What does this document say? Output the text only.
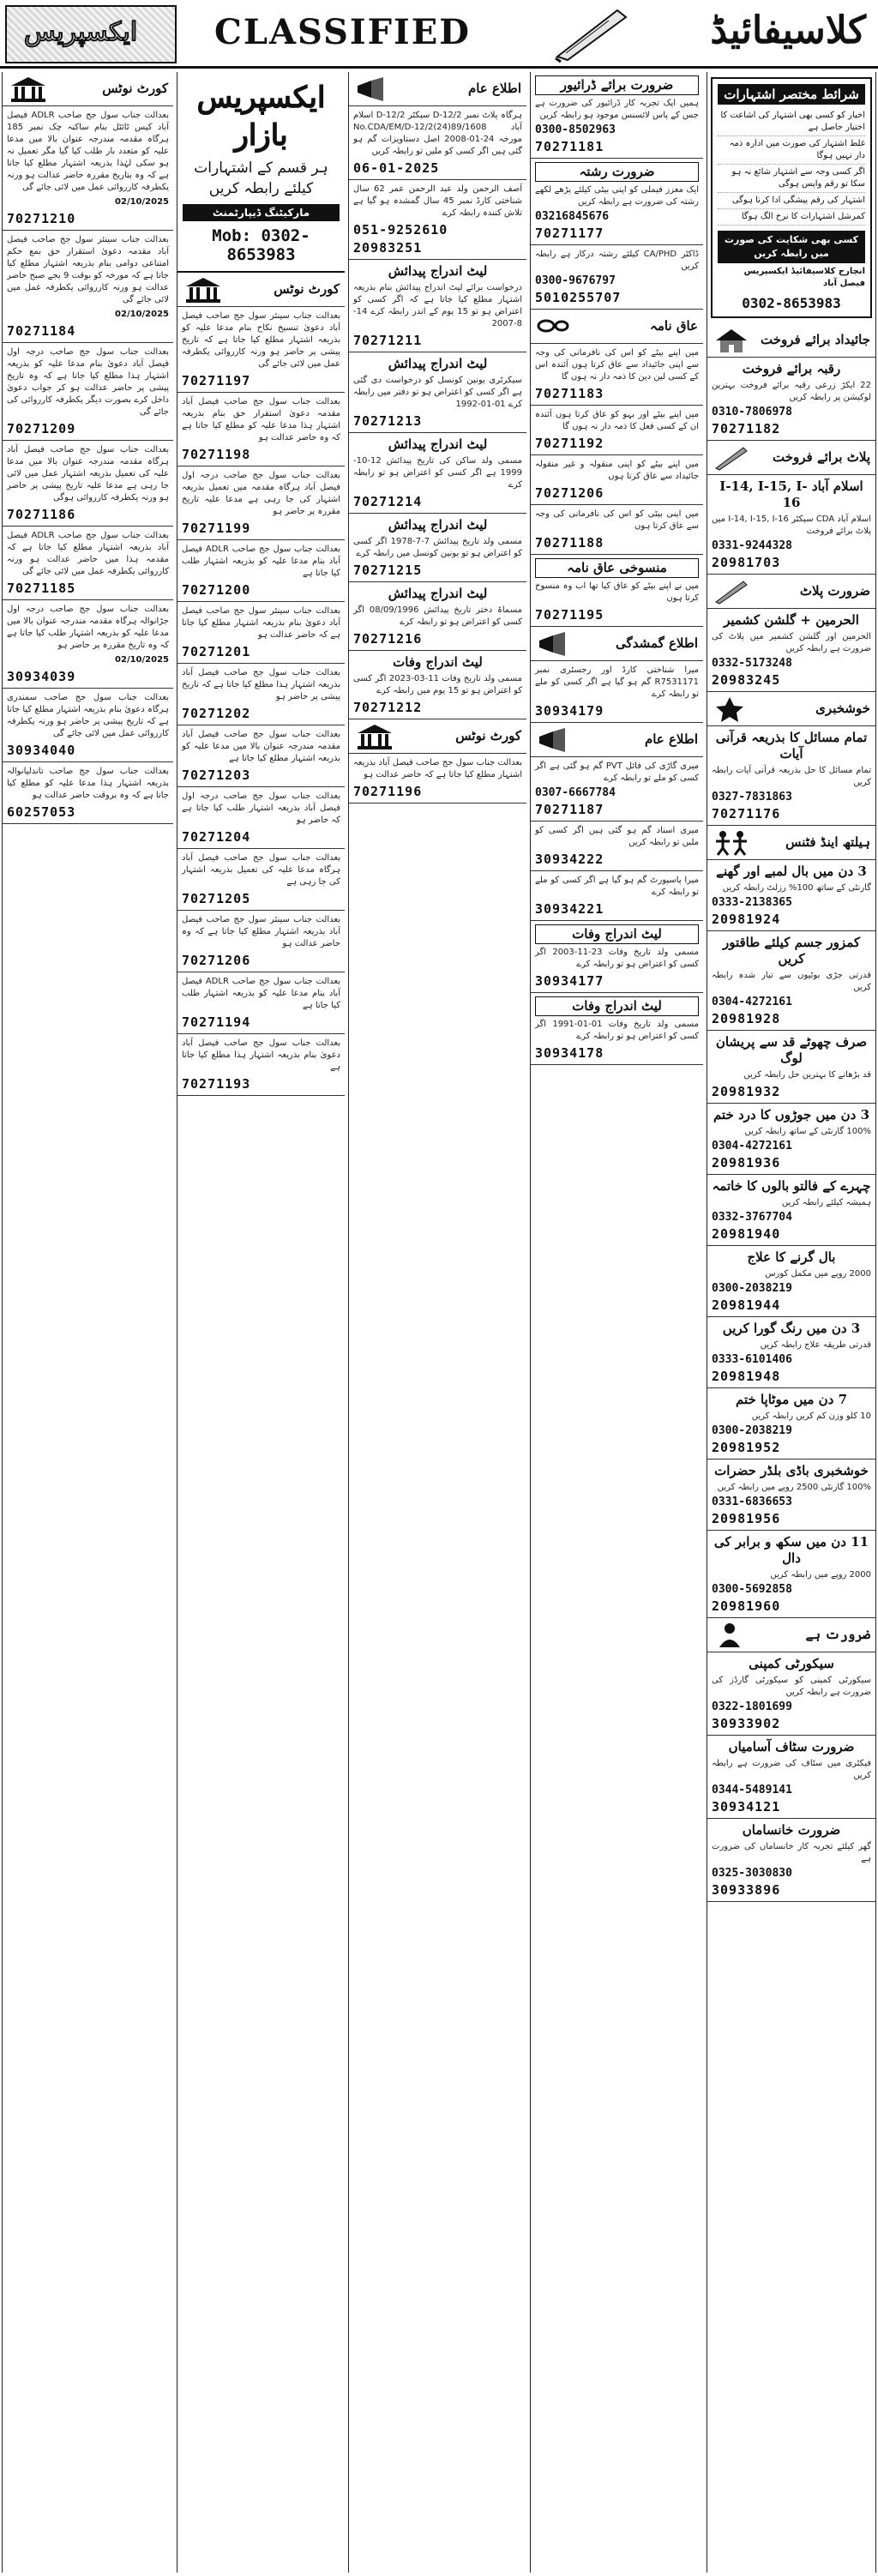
ایکسپریس CLASSIFIED	کلاسیفائیڈ
کورٹ نوٹس
بعدالت جناب سول جج صاحب ADLR فیصل آباد کیس ٹائٹل بنام ساکنہ چک نمبر 185 ہرگاہ مقدمہ مندرجہ عنوان بالا میں مدعا علیہ کو متعدد بار طلب کیا گیا مگر تعمیل نہ ہو سکی لہٰذا بذریعہ اشتہار مطلع کیا جاتا ہے کہ وہ بتاریخ مقررہ حاضر عدالت ہو ورنہ یکطرفہ کارروائی عمل میں لائی جائے گی
02/10/2025
70271210
بعدالت جناب سینئر سول جج صاحب فیصل آباد مقدمہ دعویٰ استقرار حق بمع حکم امتناعی دوامی بنام بذریعہ اشتہار مطلع کیا جاتا ہے کہ مورخہ کو بوقت 9 بجے صبح حاضر عدالت ہو ورنہ کارروائی یکطرفہ عمل میں لائی جائے گی
02/10/2025
70271184
بعدالت جناب سول جج صاحب درجہ اول فیصل آباد دعویٰ بنام مدعا علیہ کو بذریعہ اشتہار ہذا مطلع کیا جاتا ہے کہ وہ تاریخ پیشی پر حاضر عدالت ہو کر جواب دعویٰ داخل کرے بصورت دیگر یکطرفہ کارروائی کی جائے گی
70271209
بعدالت جناب سول جج صاحب فیصل آباد ہرگاہ مقدمہ مندرجہ عنوان بالا میں مدعا علیہ کی تعمیل بذریعہ اشتہار عمل میں لائی جا رہی ہے مدعا علیہ تاریخ پیشی پر حاضر ہو ورنہ یکطرفہ کارروائی ہوگی
70271186
بعدالت جناب سول جج صاحب ADLR فیصل آباد بذریعہ اشتہار مطلع کیا جاتا ہے کہ مقدمہ ہذا میں حاضر عدالت ہو ورنہ کارروائی یکطرفہ عمل میں لائی جائے گی
70271185
بعدالت جناب سول جج صاحب درجہ اول جڑانوالہ ہرگاہ مقدمہ مندرجہ عنوان بالا میں مدعا علیہ کو بذریعہ اشتہار طلب کیا جاتا ہے کہ وہ تاریخ مقررہ پر حاضر ہو
02/10/2025
30934039
بعدالت جناب سول جج صاحب سمندری ہرگاہ دعویٰ بنام بذریعہ اشتہار مطلع کیا جاتا ہے کہ تاریخ پیشی پر حاضر ہو ورنہ یکطرفہ کارروائی عمل میں لائی جائے گی
30934040
بعدالت جناب سول جج صاحب تاندلیانوالہ بذریعہ اشتہار ہذا مدعا علیہ کو مطلع کیا جاتا ہے کہ وہ بروقت حاضر عدالت ہو
60257053
ایکسپریس بازار
ہر قسم کے اشتہارات کیلئے رابطہ کریں
مارکیٹنگ ڈیپارٹمنٹ
Mob: 0302-8653983
کورٹ نوٹس
بعدالت جناب سینئر سول جج صاحب فیصل آباد دعویٰ تنسیخ نکاح بنام مدعا علیہ کو بذریعہ اشتہار مطلع کیا جاتا ہے کہ تاریخ پیشی پر حاضر ہو ورنہ کارروائی یکطرفہ عمل میں لائی جائے گی
70271197
بعدالت جناب سول جج صاحب فیصل آباد مقدمہ دعویٰ استقرار حق بنام بذریعہ اشتہار ہذا مدعا علیہ کو مطلع کیا جاتا ہے کہ وہ حاضر عدالت ہو
70271198
بعدالت جناب سول جج صاحب درجہ اول فیصل آباد ہرگاہ مقدمہ میں تعمیل بذریعہ اشتہار کی جا رہی ہے مدعا علیہ تاریخ مقررہ پر حاضر ہو
70271199
بعدالت جناب سول جج صاحب ADLR فیصل آباد بنام مدعا علیہ کو بذریعہ اشتہار طلب کیا جاتا ہے
70271200
بعدالت جناب سینئر سول جج صاحب فیصل آباد دعویٰ بنام بذریعہ اشتہار مطلع کیا جاتا ہے کہ حاضر عدالت ہو
70271201
بعدالت جناب سول جج صاحب فیصل آباد بذریعہ اشتہار ہذا مطلع کیا جاتا ہے کہ تاریخ پیشی پر حاضر ہو
70271202
بعدالت جناب سول جج صاحب فیصل آباد مقدمہ مندرجہ عنوان بالا میں مدعا علیہ کو بذریعہ اشتہار مطلع کیا جاتا ہے
70271203
بعدالت جناب سول جج صاحب درجہ اول فیصل آباد بذریعہ اشتہار طلب کیا جاتا ہے کہ حاضر ہو
70271204
بعدالت جناب سول جج صاحب فیصل آباد ہرگاہ مدعا علیہ کی تعمیل بذریعہ اشتہار کی جا رہی ہے
70271205
بعدالت جناب سینئر سول جج صاحب فیصل آباد بذریعہ اشتہار مطلع کیا جاتا ہے کہ وہ حاضر عدالت ہو
70271206
بعدالت جناب سول جج صاحب ADLR فیصل آباد بنام مدعا علیہ کو بذریعہ اشتہار طلب کیا جاتا ہے
70271194
بعدالت جناب سول جج صاحب فیصل آباد دعویٰ بنام بذریعہ اشتہار ہذا مطلع کیا جاتا ہے
70271193
اطلاع عام
ہرگاہ پلاٹ نمبر D-12/2 سیکٹر D-12/2 اسلام آباد No.CDA/EM/D-12/2(24)89/1608 مورخہ 24-01-2008 اصل دستاویزات گم ہو گئی ہیں اگر کسی کو ملیں تو رابطہ کریں
06-01-2025
آصف الرحمن ولد عبد الرحمن عمر 62 سال شناختی کارڈ نمبر 45 سال گمشدہ ہو گیا ہے تلاش کنندہ رابطہ کرے
051-9252610
20983251
لیٹ اندراج پیدائش
درخواست برائے لیٹ اندراج پیدائش بنام بذریعہ اشتہار مطلع کیا جاتا ہے کہ اگر کسی کو اعتراض ہو تو 15 یوم کے اندر رابطہ کرے 14-8-2007
70271211
لیٹ اندراج پیدائش
سیکرٹری یونین کونسل کو درخواست دی گئی ہے اگر کسی کو اعتراض ہو تو دفتر میں رابطہ کرے 01-01-1992
70271213
لیٹ اندراج پیدائش
مسمی ولد ساکن کی تاریخ پیدائش 12-10-1999 ہے اگر کسی کو اعتراض ہو تو رابطہ کرے
70271214
لیٹ اندراج پیدائش
مسمی ولد تاریخ پیدائش 7-7-1978 اگر کسی کو اعتراض ہو تو یونین کونسل میں رابطہ کرے
70271215
لیٹ اندراج پیدائش
مسماۃ دختر تاریخ پیدائش 08/09/1996 اگر کسی کو اعتراض ہو تو رابطہ کرے
70271216
لیٹ اندراج وفات
مسمی ولد تاریخ وفات 11-03-2023 اگر کسی کو اعتراض ہو تو 15 یوم میں رابطہ کرے
70271212
کورٹ نوٹس
بعدالت جناب سول جج صاحب فیصل آباد بذریعہ اشتہار مطلع کیا جاتا ہے کہ حاضر عدالت ہو
70271196
ضرورت برائے ڈرائیور
ہمیں ایک تجربہ کار ڈرائیور کی ضرورت ہے جس کے پاس لائسنس موجود ہو رابطہ کریں
0300-8502963
70271181
ضرورت رشتہ
ایک معزز فیملی کو اپنی بیٹی کیلئے پڑھے لکھے رشتہ کی ضرورت ہے رابطہ کریں
03216845676
70271177
ڈاکٹر CA/PHD کیلئے رشتہ درکار ہے رابطہ کریں
0300-9676797
5010255707
عاق نامہ
میں اپنے بیٹے کو اس کی نافرمانی کی وجہ سے اپنی جائیداد سے عاق کرتا ہوں آئندہ اس کے کسی لین دین کا ذمہ دار نہ ہوں گا
70271183
میں اپنے بیٹے اور بہو کو عاق کرتا ہوں آئندہ ان کے کسی فعل کا ذمہ دار نہ ہوں گا
70271192
میں اپنے بیٹے کو اپنی منقولہ و غیر منقولہ جائیداد سے عاق کرتا ہوں
70271206
میں اپنی بیٹی کو اس کی نافرمانی کی وجہ سے عاق کرتا ہوں
70271188
منسوخی عاق نامہ
میں نے اپنے بیٹے کو عاق کیا تھا اب وہ منسوخ کرتا ہوں
70271195
اطلاع گمشدگی
میرا شناختی کارڈ اور رجسٹری نمبر R7531171 گم ہو گیا ہے اگر کسی کو ملے تو رابطہ کرے
30934179
اطلاع عام
میری گاڑی کی فائل PVT گم ہو گئی ہے اگر کسی کو ملے تو رابطہ کرے
0307-6667784
70271187
میری اسناد گم ہو گئی ہیں اگر کسی کو ملیں تو رابطہ کریں
30934222
میرا پاسپورٹ گم ہو گیا ہے اگر کسی کو ملے تو رابطہ کرے
30934221
لیٹ اندراج وفات
مسمی ولد تاریخ وفات 23-11-2003 اگر کسی کو اعتراض ہو تو رابطہ کرے
30934177
لیٹ اندراج وفات
مسمی ولد تاریخ وفات 01-01-1991 اگر کسی کو اعتراض ہو تو رابطہ کرے
30934178
شرائط مختصر اشتہارات
اخبار کو کسی بھی اشتہار کی اشاعت کا اختیار حاصل ہے
غلط اشتہار کی صورت میں ادارہ ذمہ دار نہیں ہوگا
اگر کسی وجہ سے اشتہار شائع نہ ہو سکا تو رقم واپس ہوگی
اشتہار کی رقم پیشگی ادا کرنا ہوگی
کمرشل اشتہارات کا نرخ الگ ہوگا
کسی بھی شکایت کی صورت میں رابطہ کریں
انچارج کلاسیفائیڈ ایکسپریس فیصل آباد
0302-8653983
جائیداد برائے فروخت
رقبہ برائے فروخت
22 ایکڑ زرعی رقبہ برائے فروخت بہترین لوکیشن پر رابطہ کریں
0310-7806978
70271182
پلاٹ برائے فروخت
اسلام آباد I-14, I-15, I-16
اسلام آباد CDA سیکٹر I-14, I-15, I-16 میں پلاٹ برائے فروخت
0331-9244328
20981703
ضرورت پلاٹ
الحرمین + گلشن کشمیر
الحرمین اور گلشن کشمیر میں پلاٹ کی ضرورت ہے رابطہ کریں
0332-5173248
20983245
خوشخبری
تمام مسائل کا بذریعہ قرآنی آیات
تمام مسائل کا حل بذریعہ قرآنی آیات رابطہ کریں
0327-7831863
70271176
ہیلتھ اینڈ فٹنس
3 دن میں بال لمبے اور گھنے
گارنٹی کے ساتھ 100% رزلٹ رابطہ کریں
0333-2138365
20981924
کمزور جسم کیلئے طاقتور کریں
قدرتی جڑی بوٹیوں سے تیار شدہ رابطہ کریں
0304-4272161
20981928
صرف چھوٹے قد سے پریشان لوگ
قد بڑھانے کا بہترین حل رابطہ کریں
20981932
3 دن میں جوڑوں کا درد ختم
100% گارنٹی کے ساتھ رابطہ کریں
0304-4272161
20981936
چہرے کے فالتو بالوں کا خاتمہ
ہمیشہ کیلئے رابطہ کریں
0332-3767704
20981940
بال گرنے کا علاج
2000 روپے میں مکمل کورس
0300-2038219
20981944
3 دن میں رنگ گورا کریں
قدرتی طریقہ علاج رابطہ کریں
0333-6101406
20981948
7 دن میں موٹاپا ختم
10 کلو وزن کم کریں رابطہ کریں
0300-2038219
20981952
خوشخبری باڈی بلڈر حضرات
100% گارنٹی 2500 روپے میں رابطہ کریں
0331-6836653
20981956
11 دن میں سکھ و برابر کی دال
2000 روپے میں رابطہ کریں
0300-5692858
20981960
ضرورت ہے
سیکورٹی کمپنی
سیکورٹی کمپنی کو سیکورٹی گارڈز کی ضرورت ہے رابطہ کریں
0322-1801699
30933902
ضرورت سٹاف آسامیاں
فیکٹری میں سٹاف کی ضرورت ہے رابطہ کریں
0344-5489141
30934121
ضرورت خانساماں
گھر کیلئے تجربہ کار خانساماں کی ضرورت ہے
0325-3030830
30933896
